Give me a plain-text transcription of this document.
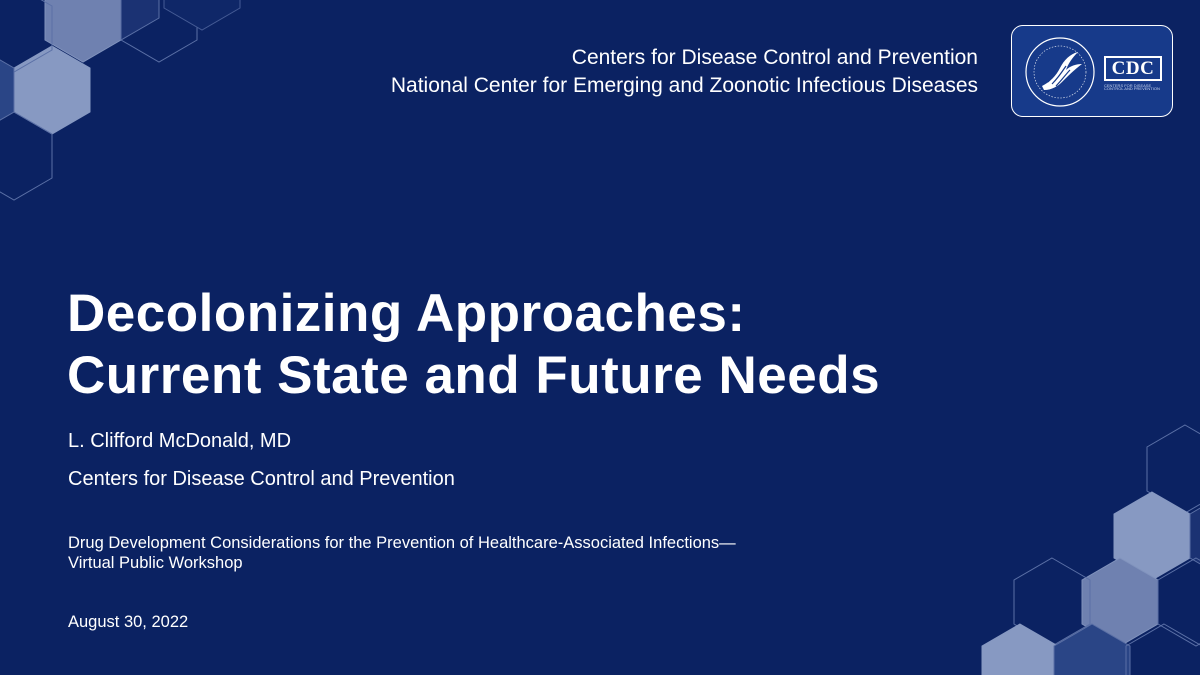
Centers for Disease Control and Prevention
National Center for Emerging and Zoonotic Infectious Diseases
CDC
CENTERS FOR DISEASE CONTROL AND PREVENTION
Decolonizing Approaches:
Current State and Future Needs
L. Clifford McDonald, MD
Centers for Disease Control and Prevention
Drug Development Considerations for the Prevention of Healthcare-Associated Infections—
Virtual Public Workshop
August 30, 2022
